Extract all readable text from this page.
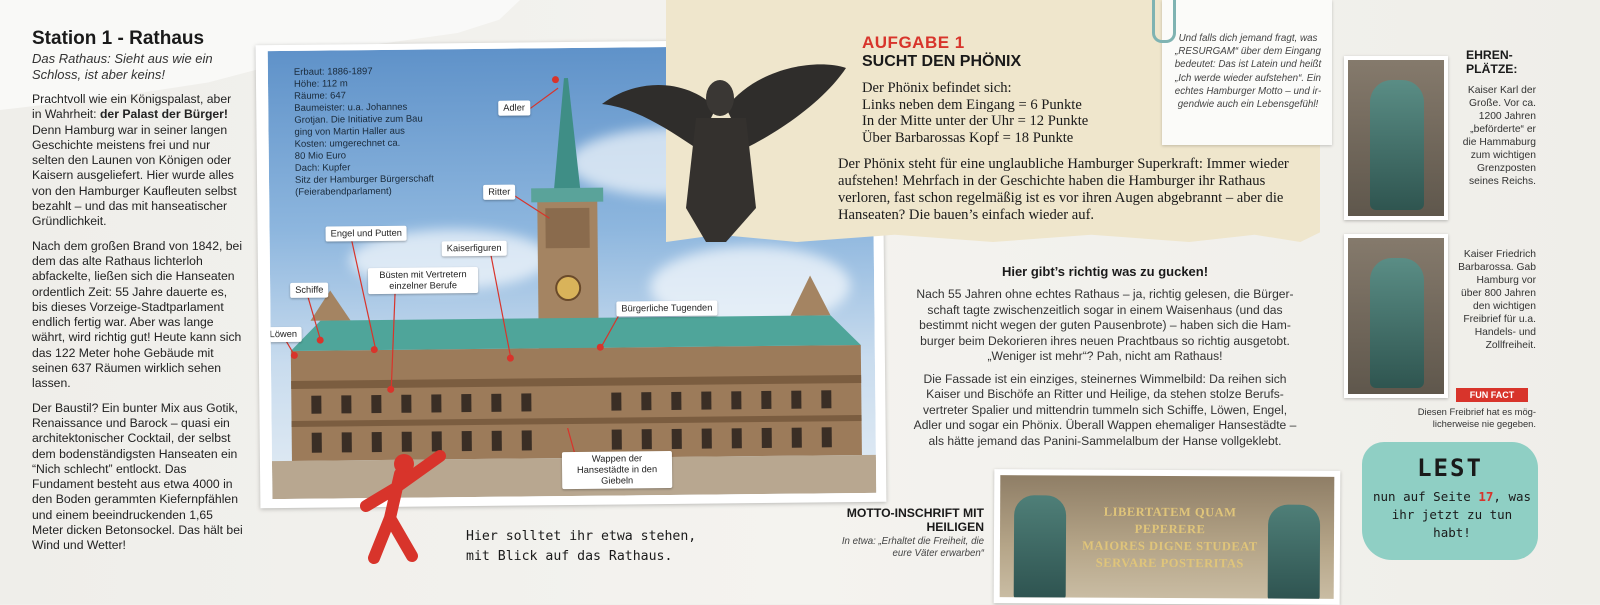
Station 1 - Rathaus
Das Rathaus: Sieht aus wie ein Schloss, ist aber keins!

Prachtvoll wie ein Königspalast, aber in Wahrheit: der Palast der Bürger! Denn Hamburg war in seiner langen Geschichte meistens frei und nur selten den Launen von Königen oder Kaisern ausgeliefert. Hier wurde alles von den Hamburger Kaufleuten selbst bezahlt – und das mit hanseatischer Gründlichkeit.

Nach dem großen Brand von 1842, bei dem das alte Rathaus lichterloh abfackelte, ließen sich die Hanseaten ordentlich Zeit: 55 Jahre dauerte es, bis dieses Vorzeige-Stadtparlament endlich fertig war. Aber was lange währt, wird richtig gut! Heute kann sich das 122 Meter hohe Gebäude mit seinen 637 Räumen wirklich sehen lassen.

Der Baustil? Ein bunter Mix aus Gotik, Renaissance und Barock – quasi ein architektonischer Cocktail, der selbst dem bodenständigsten Hanseaten ein “Nich schlecht” entlockt. Das Fundament besteht aus etwa 4000 in den Boden gerammten Kiefernpfählen und einem beeindruckenden 1,65 Meter dicken Betonsockel. Das hält bei Wind und Wetter!

Erbaut: 1886-1897
Höhe: 112 m
Räume: 647
Baumeister: u.a. Johannes
Grotjan. Die Initiative zum Bau
ging von Martin Haller aus
Kosten: umgerechnet ca.
80 Mio Euro
Dach: Kupfer
Sitz der Hamburger Bürgerschaft
(Feierabendparlament)
Adler
Ritter
Engel und Putten
Kaiserfiguren
Büsten mit Vertretern einzelner Berufe
Schiffe
Löwen
Bürgerliche Tugenden
Wappen der Hansestädte in den Giebeln
Hier solltet ihr etwa stehen,
mit Blick auf das Rathaus.
AUFGABE 1
SUCHT DEN PHÖNIX
Der Phönix befindet sich:
Links neben dem Eingang = 6 Punkte
In der Mitte unter der Uhr = 12 Punkte
Über Barbarossas Kopf = 18 Punkte
Der Phönix steht für eine unglaubliche Hamburger Superkraft: Immer wieder aufstehen! Mehrfach in der Geschichte haben die Hamburger ihr Rathaus verloren, fast schon regelmäßig ist es vor ihren Augen abgebrannt – aber die Hanseaten? Die bauen’s einfach wieder auf.
Und falls dich jemand fragt, was „RESURGAM“ über dem Eingang bedeutet: Das ist Latein und heißt „Ich werde wieder aufstehen“. Ein echtes Hamburger Motto – und irgendwie auch ein Lebensgefühl!
Hier gibt’s richtig was zu gucken!

Nach 55 Jahren ohne echtes Rathaus – ja, richtig gelesen, die Bürgerschaft tagte zwischenzeitlich sogar in einem Waisenhaus (und das bestimmt nicht wegen der guten Pausenbrote) – haben sich die Hamburger beim Dekorieren ihres neuen Prachtbaus so richtig ausgetobt. „Weniger ist mehr“? Pah, nicht am Rathaus!

Die Fassade ist ein einziges, steinernes Wimmelbild: Da reihen sich Kaiser und Bischöfe an Ritter und Heilige, da stehen stolze Berufsvertreter Spalier und mittendrin tummeln sich Schiffe, Löwen, Engel, Adler und sogar ein Phönix. Überall Wappen ehemaliger Hansestädte – als hätte jemand das Panini-Sammelalbum der Hanse vollgeklebt.

MOTTO-INSCHRIFT MIT HEILIGEN
In etwa: „Erhaltet die Freiheit, die eure Väter erwarben“
LIBERTATEM QUAM PEPERERE
MAIORES DIGNE STUDEAT
SERVARE POSTERITAS
EHREN-PLÄTZE:
Kaiser Karl der Große. Vor ca. 1200 Jahren „beförderte“ er die Hammaburg zum wichtigen Grenzposten seines Reichs.
Kaiser Friedrich Barbarossa. Gab Hamburg vor über 800 Jahren den wichtigen Freibrief für u.a. Handels- und Zollfreiheit.
FUN FACT
Diesen Freibrief hat es möglicherweise nie gegeben.
LEST
nun auf Seite 17, was ihr jetzt zu tun habt!
